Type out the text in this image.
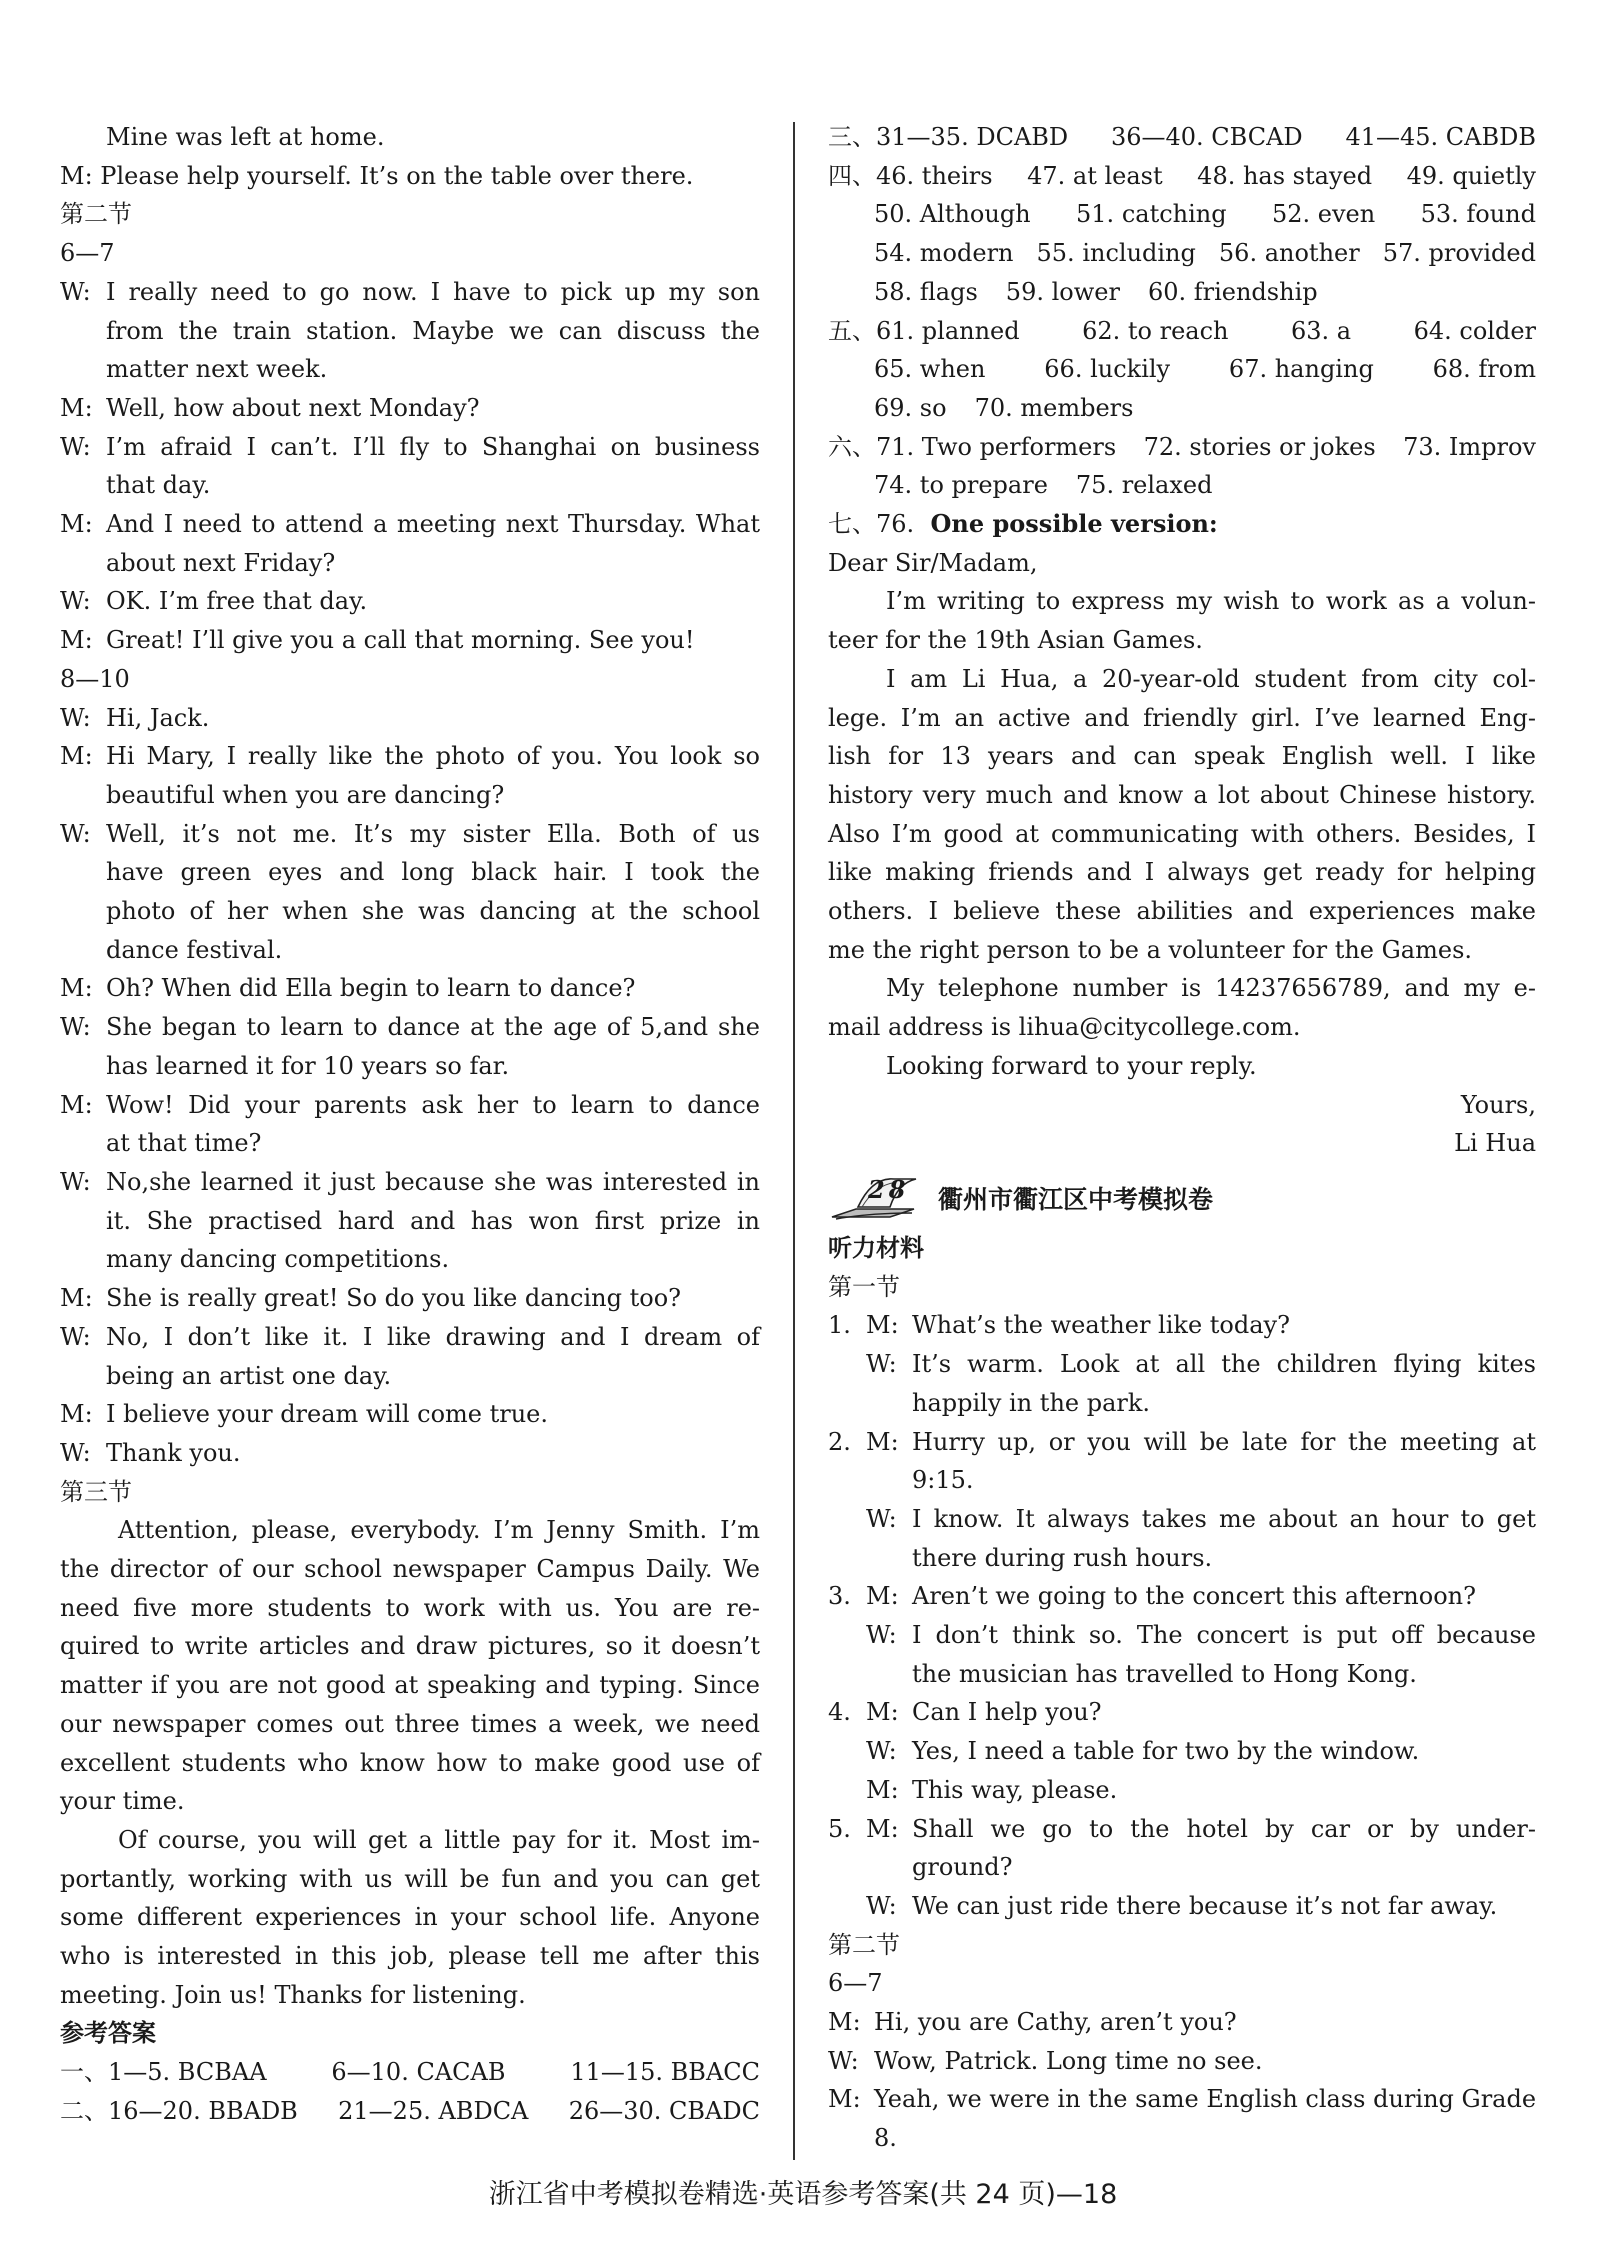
Mine was left at home.
M: Please help yourself. It’s on the table over there.
第二节
6—7
W: I really need to go now. I have to pick up my son
from the train station. Maybe we can discuss the
matter next week.
M: Well, how about next Monday?
W: I’m afraid I can’t. I’ll fly to Shanghai on business
that day.
M: And I need to attend a meeting next Thursday. What
about next Friday?
W: OK. I’m free that day.
M: Great! I’ll give you a call that morning. See you!
8—10
W: Hi, Jack.
M: Hi Mary, I really like the photo of you. You look so
beautiful when you are dancing?
W: Well, it’s not me. It’s my sister Ella. Both of us
have green eyes and long black hair. I took the
photo of her when she was dancing at the school
dance festival.
M: Oh? When did Ella begin to learn to dance?
W: She began to learn to dance at the age of 5,and she
has learned it for 10 years so far.
M: Wow! Did your parents ask her to learn to dance
at that time?
W: No,she learned it just because she was interested in
it. She practised hard and has won first prize in
many dancing competitions.
M: She is really great! So do you like dancing too?
W: No, I don’t like it. I like drawing and I dream of
being an artist one day.
M: I believe your dream will come true.
W: Thank you.
第三节
Attention, please, everybody. I’m Jenny Smith. I’m
the director of our school newspaper Campus Daily. We
need five more students to work with us. You are re-
quired to write articles and draw pictures, so it doesn’t
matter if you are not good at speaking and typing. Since
our newspaper comes out three times a week, we need
excellent students who know how to make good use of
your time.
Of course, you will get a little pay for it. Most im-
portantly, working with us will be fun and you can get
some different experiences in your school life. Anyone
who is interested in this job, please tell me after this
meeting. Join us! Thanks for listening.
参考答案
一、1—5. BCBAA	6—10. CACAB	11—15. BBACC
二、16—20. BBADB 21—25. ABDCA 26—30. CBADC
三、31—35. DCABD 36—40. CBCAD 41—45. CABDB
四、46. theirs 47. at least 48. has stayed 49. quietly
50. Although 51. catching 52. even 53. found
54. modern 55. including 56. another 57. provided
58. flags 59. lower 60. friendship
五、61. planned	62. to reach	63. a	64. colder
65. when 66. luckily 67. hanging 68. from
69. so 70. members
六、71. Two performers 72. stories or jokes 73. Improv
74. to prepare 75. relaxed
七、76. One possible version:
Dear Sir/Madam,
I’m writing to express my wish to work as a volun-
teer for the 19th Asian Games.
I am Li Hua, a 20-year-old student from city col-
lege. I’m an active and friendly girl. I’ve learned Eng-
lish for 13 years and can speak English well. I like
history very much and know a lot about Chinese history.
Also I’m good at communicating with others. Besides, I
like making friends and I always get ready for helping
others. I believe these abilities and experiences make
me the right person to be a volunteer for the Games.
My telephone number is 14237656789, and my e-
mail address is lihua@citycollege.com.
Looking forward to your reply.
Yours,
Li Hua
28 衢州市衢江区中考模拟卷
听力材料
第一节
1. M: What’s the weather like today?
W: It’s warm. Look at all the children flying kites
happily in the park.
2. M: Hurry up, or you will be late for the meeting at
9:15.
W: I know. It always takes me about an hour to get
there during rush hours.
3. M: Aren’t we going to the concert this afternoon?
W: I don’t think so. The concert is put off because
the musician has travelled to Hong Kong.
4. M: Can I help you?
W: Yes, I need a table for two by the window.
M: This way, please.
5. M: Shall we go to the hotel by car or by under-
ground?
W: We can just ride there because it’s not far away.
第二节
6—7
M: Hi, you are Cathy, aren’t you?
W: Wow, Patrick. Long time no see.
M: Yeah, we were in the same English class during Grade
8.
浙江省中考模拟卷精选·英语参考答案(共 24 页)—18
